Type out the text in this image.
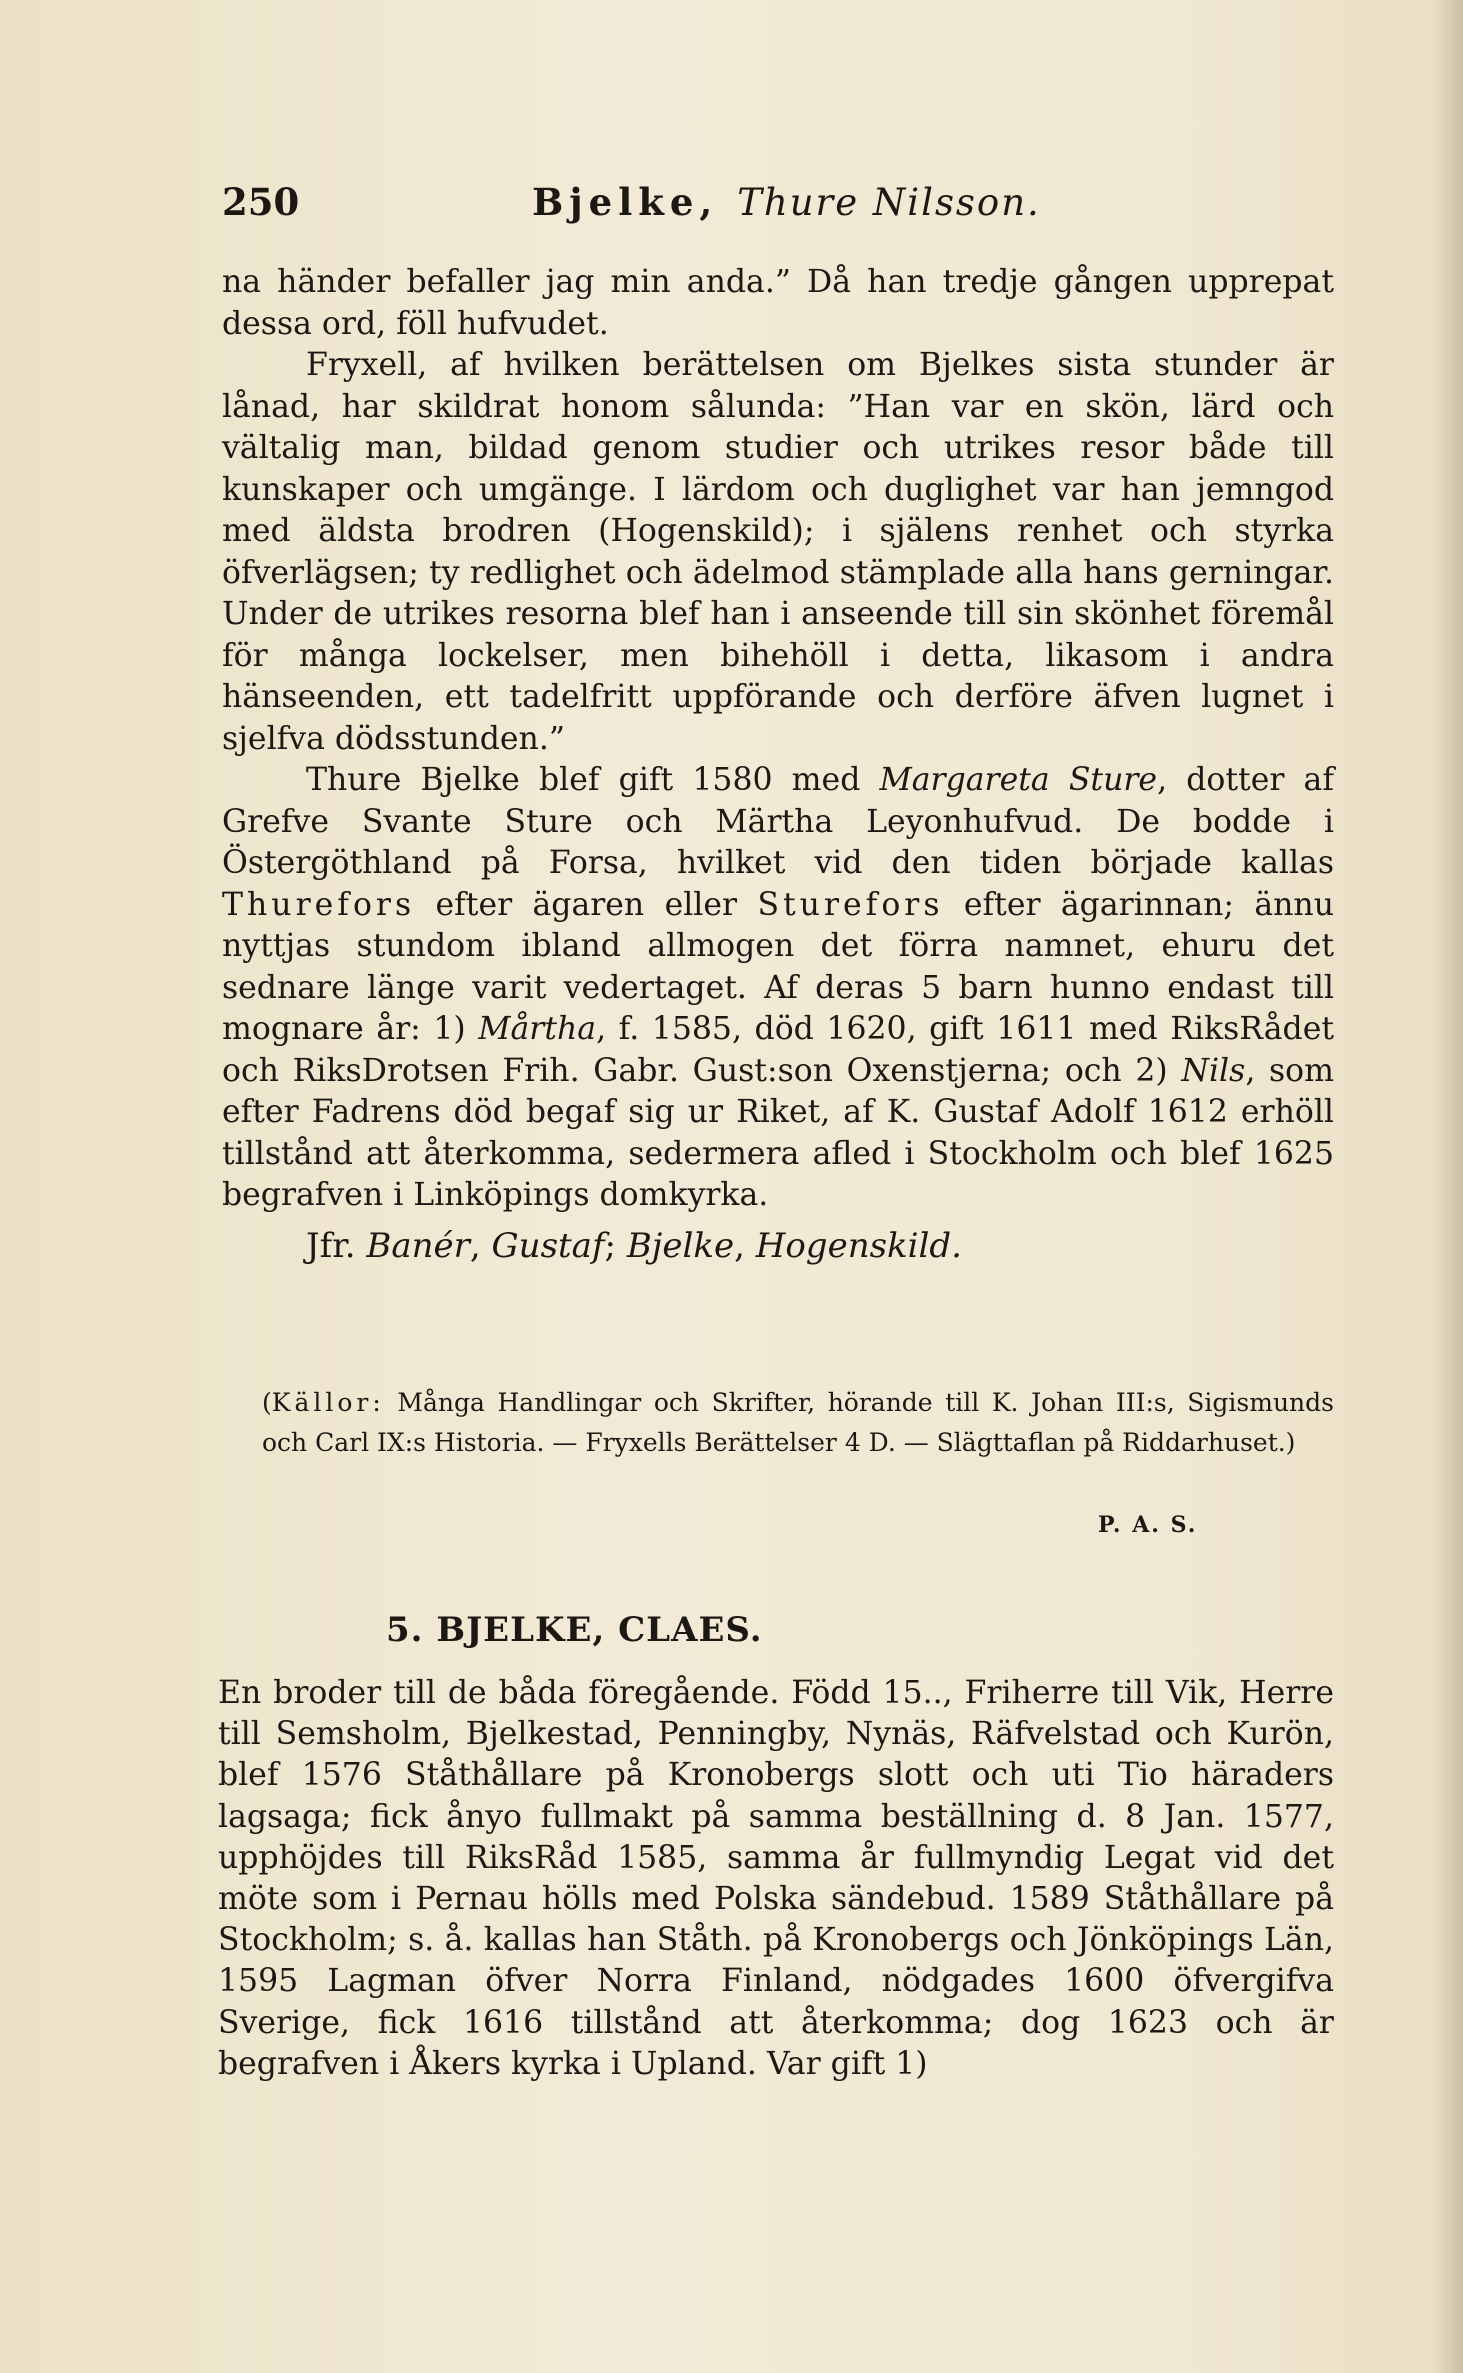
250	Bjelke, Thure Nilsson.

na händer befaller jag min anda.” Då han tredje gången upprepat dessa ord, föll hufvudet.

Fryxell, af hvilken berättelsen om Bjelkes sista stunder är lånad, har skildrat honom sålunda: ”Han var en skön, lärd och vältalig man, bildad genom studier och utrikes resor både till kunskaper och umgänge. I lärdom och duglighet var han jemngod med äldsta brodren (Hogenskild); i själens renhet och styrka öfverlägsen; ty redlighet och ädelmod stämplade alla hans gerningar. Under de utrikes resorna blef han i anseende till sin skönhet föremål för många lockelser, men bihehöll i detta, likasom i andra hänseenden, ett tadelfritt uppförande och derföre äfven lugnet i sjelfva dödsstunden.”

Thure Bjelke blef gift 1580 med Margareta Sture, dotter af Grefve Svante Sture och Märtha Leyonhufvud. De bodde i Östergöthland på Forsa, hvilket vid den tiden började kallas Thurefors efter ägaren eller Sturefors efter ägarinnan; ännu nyttjas stundom ibland allmogen det förra namnet, ehuru det sednare länge varit vedertaget. Af deras 5 barn hunno endast till mognare år: 1) Mårtha, f. 1585, död 1620, gift 1611 med RiksRådet och RiksDrotsen Frih. Gabr. Gust:son Oxenstjerna; och 2) Nils, som efter Fadrens död begaf sig ur Riket, af K. Gustaf Adolf 1612 erhöll tillstånd att återkomma, sedermera afled i Stockholm och blef 1625 begrafven i Linköpings domkyrka.

Jfr. Banér, Gustaf; Bjelke, Hogenskild.

(Källor: Många Handlingar och Skrifter, hörande till K. Johan III:s, Sigismunds och Carl IX:s Historia. — Fryxells Berättelser 4 D. — Slägttaflan på Riddarhuset.)
P. A. S.
5. BJELKE, CLAES.

En broder till de båda föregående. Född 15.., Friherre till Vik, Herre till Semsholm, Bjelkestad, Penningby, Nynäs, Räfvelstad och Kurön, blef 1576 Ståthållare på Kronobergs slott och uti Tio häraders lagsaga; fick ånyo fullmakt på samma beställning d. 8 Jan. 1577, upphöjdes till RiksRåd 1585, samma år fullmyndig Legat vid det möte som i Pernau hölls med Polska sändebud. 1589 Ståthållare på Stockholm; s. å. kallas han Ståth. på Kronobergs och Jönköpings Län, 1595 Lagman öfver Norra Finland, nödgades 1600 öfvergifva Sverige, fick 1616 tillstånd att återkomma; dog 1623 och är begrafven i Åkers kyrka i Upland. Var gift 1)
